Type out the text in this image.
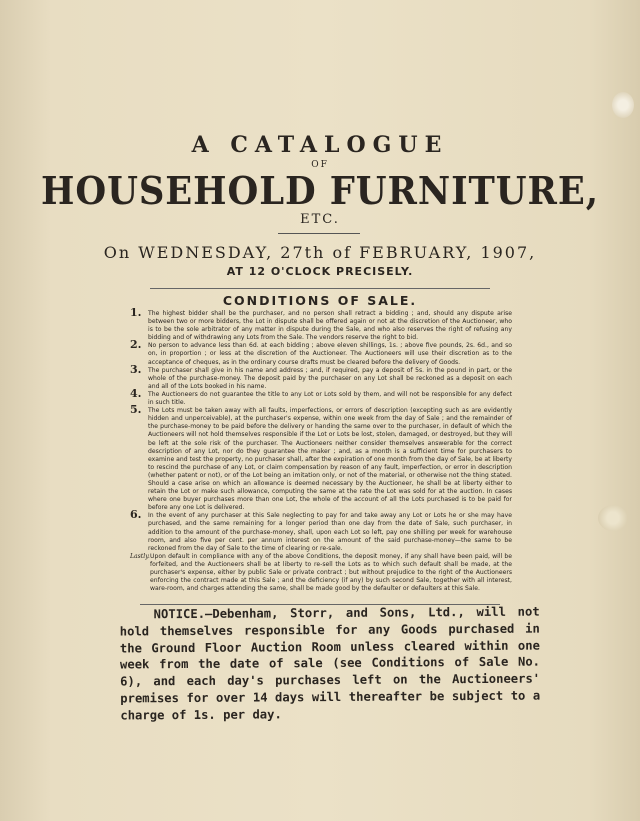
A CATALOGUE
OF
HOUSEHOLD FURNITURE,
ETC.
On WEDNESDAY, 27th of FEBRUARY, 1907,
AT 12 O'CLOCK PRECISELY.
CONDITIONS OF SALE.
1. The highest bidder shall be the purchaser, and no person shall retract a bidding ; and, should any dispute arise between two or more bidders, the Lot in dispute shall be offered again or not at the discretion of the Auctioneer, who is to be the sole arbitrator of any matter in dispute during the Sale, and who also reserves the right of refusing any bidding and of withdrawing any Lots from the Sale. The vendors reserve the right to bid.
2. No person to advance less than 6d. at each bidding ; above eleven shillings, 1s. ; above five pounds, 2s. 6d., and so on, in proportion ; or less at the discretion of the Auctioneer. The Auctioneers will use their discretion as to the acceptance of cheques, as in the ordinary course drafts must be cleared before the delivery of Goods.
3. The purchaser shall give in his name and address ; and, if required, pay a deposit of 5s. in the pound in part, or the whole of the purchase-money. The deposit paid by the purchaser on any Lot shall be reckoned as a deposit on each and all of the Lots booked in his name.
4. The Auctioneers do not guarantee the title to any Lot or Lots sold by them, and will not be responsible for any defect in such title.
5. The Lots must be taken away with all faults, imperfections, or errors of description (excepting such as are evidently hidden and unperceivable), at the purchaser's expense, within one week from the day of Sale ; and the remainder of the purchase-money to be paid before the delivery or handing the same over to the purchaser, in default of which the Auctioneers will not hold themselves responsible if the Lot or Lots be lost, stolen, damaged, or destroyed, but they will be left at the sole risk of the purchaser. The Auctioneers neither consider themselves answerable for the correct description of any Lot, nor do they guarantee the maker ; and, as a month is a sufficient time for purchasers to examine and test the property, no purchaser shall, after the expiration of one month from the day of Sale, be at liberty to rescind the purchase of any Lot, or claim compensation by reason of any fault, imperfection, or error in description (whether patent or not), or of the Lot being an imitation only, or not of the material, or otherwise not the thing stated. Should a case arise on which an allowance is deemed necessary by the Auctioneer, he shall be at liberty either to retain the Lot or make such allowance, computing the same at the rate the Lot was sold for at the auction. In cases where one buyer purchases more than one Lot, the whole of the account of all the Lots purchased is to be paid for before any one Lot is delivered.
6. In the event of any purchaser at this Sale neglecting to pay for and take away any Lot or Lots he or she may have purchased, and the same remaining for a longer period than one day from the date of Sale, such purchaser, in addition to the amount of the purchase-money, shall, upon each Lot so left, pay one shilling per week for warehouse room, and also five per cent. per annum interest on the amount of the said purchase-money—the same to be reckoned from the day of Sale to the time of clearing or re-sale.
Lastly. Upon default in compliance with any of the above Conditions, the deposit money, if any shall have been paid, will be forfeited, and the Auctioneers shall be at liberty to re-sell the Lots as to which such default shall be made, at the purchaser's expense, either by public Sale or private contract ; but without prejudice to the right of the Auctioneers enforcing the contract made at this Sale ; and the deficiency (if any) by such second Sale, together with all interest, ware-room, and charges attending the same, shall be made good by the defaulter or defaulters at this Sale.
NOTICE.—Debenham, Storr, and Sons, Ltd., will not hold themselves responsible for any Goods purchased in the Ground Floor Auction Room unless cleared within one week from the date of sale (see Conditions of Sale No. 6), and each day's purchases left on the Auctioneers' premises for over 14 days will thereafter be subject to a charge of 1s. per day.
